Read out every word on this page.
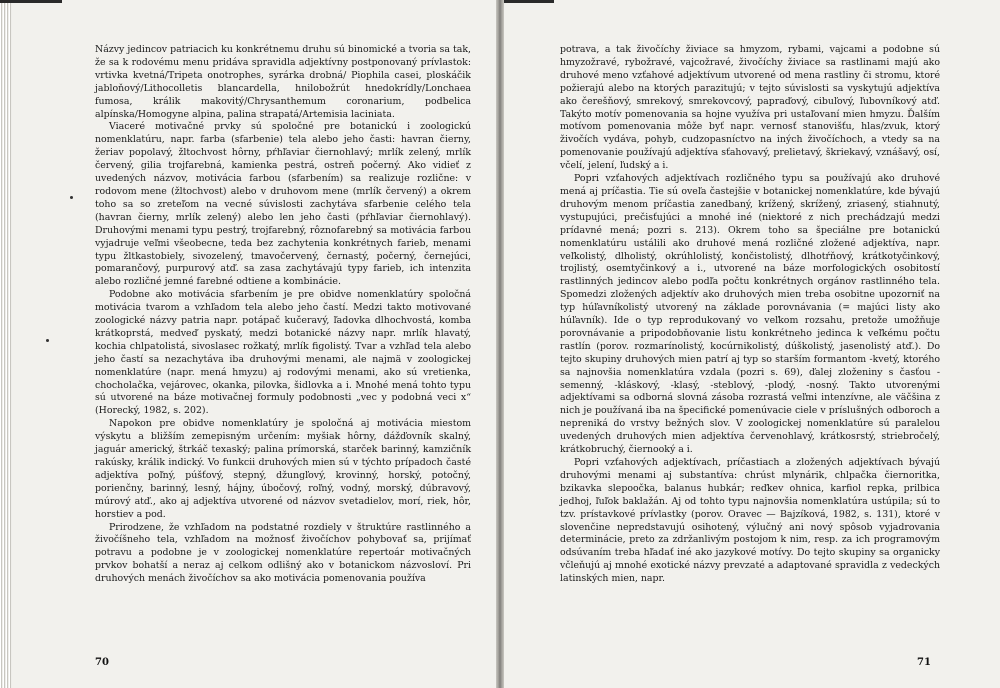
Názvy jedincov patriacich ku konkrétnemu druhu sú binomické a tvoria sa tak, že sa k rodovému menu pridáva spravidla adjektívny postponovaný prívlastok: vrtivka kvetná/Tripeta onotrophes, syrárka drobná/ Piophila casei, ploskáčik jabloňový/Lithocolletis blancardella, hnilobožrút hnedokrídly/Lonchaea fumosa, králik makovitý/Chrysanthemum coronarium, podbelica alpínska/Homogyne alpina, palina strapatá/Artemisia laciniata.

Viaceré motivačné prvky sú spoločné pre botanickú i zoologickú nomenklatúru, napr. farba (sfarbenie) tela alebo jeho časti: havran čierny, žeriav popolavý, žltochvost hôrny, pŕhľaviar čiernohlavý; mrlík zelený, mrlík červený, gilia trojfarebná, kamienka pestrá, ostreň počerný. Ako vidieť z uvedených názvov, motivácia farbou (sfarbením) sa realizuje rozlične: v rodovom mene (žltochvost) alebo v druhovom mene (mrlík červený) a okrem toho sa so zreteľom na vecné súvislosti zachytáva sfarbenie celého tela (havran čierny, mrlík zelený) alebo len jeho časti (pŕhľaviar čiernohlavý). Druhovými menami typu pestrý, trojfarebný, rôznofarebný sa motivácia farbou vyjadruje veľmi všeobecne, teda bez zachytenia konkrétnych farieb, menami typu žltkastobiely, sivozelený, tmavočervený, černastý, počerný, černejúci, pomarančový, purpurový atď. sa zasa zachytávajú typy farieb, ich intenzita alebo rozličné jemné farebné odtiene a kombinácie.

Podobne ako motivácia sfarbením je pre obidve nomenklatúry spoločná motivácia tvarom a vzhľadom tela alebo jeho častí. Medzi takto motivované zoologické názvy patria napr. potápač kučeravý, ľadovka dlhochvostá, komba krátkoprstá, medveď pyskatý, medzi botanické názvy napr. mrlík hlavatý, kochia chlpatolistá, sivoslasec rožkatý, mrlík figolistý. Tvar a vzhľad tela alebo jeho častí sa nezachytáva iba druhovými menami, ale najmä v zoologickej nomenklatúre (napr. mená hmyzu) aj rodovými menami, ako sú vretienka, chocholačka, vejárovec, okanka, pilovka, šidlovka a i. Mnohé mená tohto typu sú utvorené na báze motivačnej formuly podobnosti „vec y podobná veci x“ (Horecký, 1982, s. 202).

Napokon pre obidve nomenklatúry je spoločná aj motivácia miestom výskytu a bližším zemepisným určením: myšiak hôrny, dážďovník skalný, jaguár americký, štrkáč texaský; palina prímorská, starček barinný, kamzičník rakúsky, králik indický. Vo funkcii druhových mien sú v týchto prípadoch časté adjektíva poľný, púšťový, stepný, džungľový, krovinný, horský, potočný, porienčny, barinný, lesný, hájny, úbočový, roľný, vodný, morský, dúbravový, múrový atď., ako aj adjektíva utvorené od názvov svetadielov, morí, riek, hôr, horstiev a pod.

Prirodzene, že vzhľadom na podstatné rozdiely v štruktúre rastlinného a živočíšneho tela, vzhľadom na možnosť živočíchov pohybovať sa, prijímať potravu a podobne je v zoologickej nomenklatúre repertoár motivačných prvkov bohatší a neraz aj celkom odlišný ako v botanickom názvosloví. Pri druhových menách živočíchov sa ako motivácia pomenovania používa

70

potrava, a tak živočíchy živiace sa hmyzom, rybami, vajcami a podobne sú hmyzožravé, rybožravé, vajcožravé, živočíchy živiace sa rastlinami majú ako druhové meno vzťahové adjektívum utvorené od mena rastliny či stromu, ktoré požierajú alebo na ktorých parazitujú; v tejto súvislosti sa vyskytujú adjektíva ako čerešňový, smrekový, smrekovcový, papraďový, cibuľový, ľubovníkový atď. Takýto motív pomenovania sa hojne využíva pri ustaľovaní mien hmyzu. Ďalším motívom pomenovania môže byť napr. vernosť stanovišťu, hlas/zvuk, ktorý živočích vydáva, pohyb, cudzopasníctvo na iných živočíchoch, a vtedy sa na pomenovanie používajú adjektíva sťahovavý, prelietavý, škriekavý, vznášavý, osí, včelí, jelení, ľudský a i.

Popri vzťahových adjektívach rozličného typu sa používajú ako druhové mená aj príčastia. Tie sú oveľa častejšie v botanickej nomenklatúre, kde bývajú druhovým menom príčastia zanedbaný, krížený, skrížený, zriasený, stiahnutý, vystupujúci, prečisťujúci a mnohé iné (niektoré z nich prechádzajú medzi prídavné mená; pozri s. 213). Okrem toho sa špeciálne pre botanickú nomenklatúru ustálili ako druhové mená rozličné zložené adjektíva, napr. veľkolistý, dlholistý, okrúhlolistý, končistolistý, dlhotŕňový, krátkotyčinkový, trojlistý, osemtyčinkový a i., utvorené na báze morfologických osobitostí rastlinných jedincov alebo podľa počtu konkrétnych orgánov rastlinného tela. Spomedzi zložených adjektív ako druhových mien treba osobitne upozorniť na typ húľavníkolistý utvorený na základe porovnávania (= majúci listy ako húľavník). Ide o typ reprodukovaný vo veľkom rozsahu, pretože umožňuje porovnávanie a pripodobňovanie listu konkrétneho jedinca k veľkému počtu rastlín (porov. rozmarínolistý, kocúrnikolistý, dúškolistý, jasenolistý atď.). Do tejto skupiny druhových mien patrí aj typ so starším formantom -kvetý, ktorého sa najnovšia nomenklatúra vzdala (pozri s. 69), ďalej zloženiny s časťou -semenný, -kláskový, -klasý, -steblový, -plodý, -nosný. Takto utvorenými adjektívami sa odborná slovná zásoba rozrastá veľmi intenzívne, ale väčšina z nich je používaná iba na špecifické pomenúvacie ciele v príslušných odboroch a nepreniká do vrstvy bežných slov. V zoologickej nomenklatúre sú paralelou uvedených druhových mien adjektíva červenohlavý, krátkosrstý, striebročelý, krátkobruchý, čiernooký a i.

Popri vzťahových adjektívach, príčastiach a zložených adjektívach bývajú druhovými menami aj substantíva: chrúst mlynárik, chlpačka čiernoritka, bzikavka slepoočka, balanus hubkár; reďkev ohnica, karfiol repka, prilbica jedhoj, ľuľok baklažán. Aj od tohto typu najnovšia nomenklatúra ustúpila; sú to tzv. prístavkové prívlastky (porov. Oravec — Bajzíková, 1982, s. 131), ktoré v slovenčine nepredstavujú osihotený, výlučný ani nový spôsob vyjadrovania determinácie, preto za zdržanlivým postojom k nim, resp. za ich programovým odsúvaním treba hľadať iné ako jazykové motívy. Do tejto skupiny sa organicky včleňujú aj mnohé exotické názvy prevzaté a adaptované spravidla z vedeckých latinských mien, napr.

71
